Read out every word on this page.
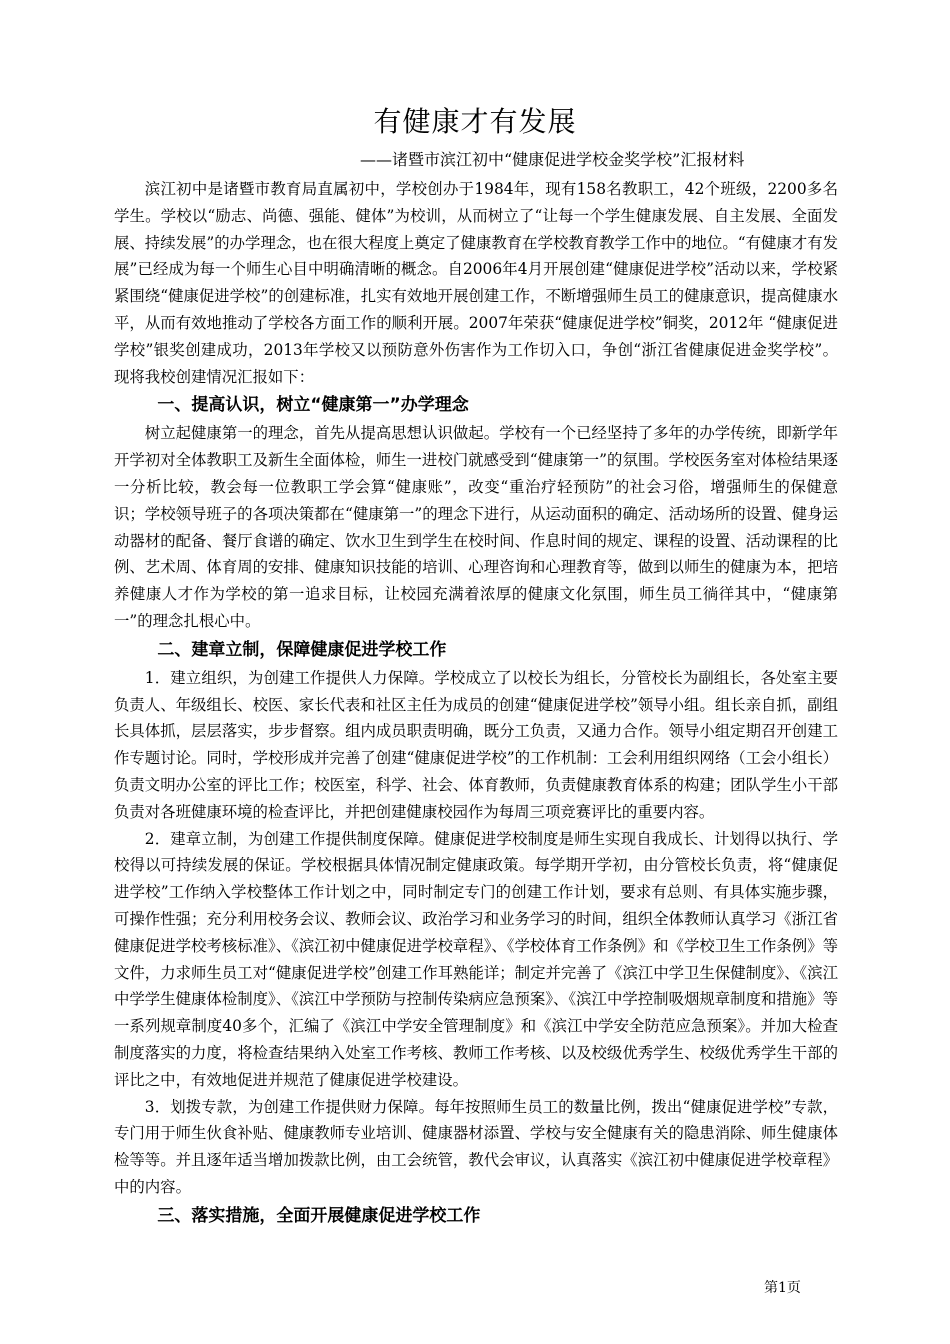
有健康才有发展
——诸暨市滨江初中“健康促进学校金奖学校”汇报材料

滨江初中是诸暨市教育局直属初中，学校创办于1984年，现有158名教职工，42个班级，2200多名学生。学校以“励志、尚德、强能、健体”为校训，从而树立了“让每一个学生健康发展、自主发展、全面发展、持续发展”的办学理念，也在很大程度上奠定了健康教育在学校教育教学工作中的地位。“有健康才有发展”已经成为每一个师生心目中明确清晰的概念。自2006年4月开展创建“健康促进学校”活动以来，学校紧紧围绕“健康促进学校”的创建标准，扎实有效地开展创建工作，不断增强师生员工的健康意识，提高健康水平，从而有效地推动了学校各方面工作的顺利开展。2007年荣获“健康促进学校”铜奖，2012年 “健康促进学校”银奖创建成功，2013年学校又以预防意外伤害作为工作切入口，争创“浙江省健康促进金奖学校”。现将我校创建情况汇报如下：

一、提高认识，树立“健康第一”办学理念

树立起健康第一的理念，首先从提高思想认识做起。学校有一个已经坚持了多年的办学传统，即新学年开学初对全体教职工及新生全面体检，师生一进校门就感受到“健康第一”的氛围。学校医务室对体检结果逐一分析比较，教会每一位教职工学会算“健康账”，改变“重治疗轻预防”的社会习俗，增强师生的保健意识；学校领导班子的各项决策都在“健康第一”的理念下进行，从运动面积的确定、活动场所的设置、健身运动器材的配备、餐厅食谱的确定、饮水卫生到学生在校时间、作息时间的规定、课程的设置、活动课程的比例、艺术周、体育周的安排、健康知识技能的培训、心理咨询和心理教育等，做到以师生的健康为本，把培养健康人才作为学校的第一追求目标，让校园充满着浓厚的健康文化氛围，师生员工徜徉其中，“健康第一”的理念扎根心中。

二、建章立制，保障健康促进学校工作

1．建立组织，为创建工作提供人力保障。学校成立了以校长为组长，分管校长为副组长，各处室主要负责人、年级组长、校医、家长代表和社区主任为成员的创建“健康促进学校”领导小组。组长亲自抓，副组长具体抓，层层落实，步步督察。组内成员职责明确，既分工负责，又通力合作。领导小组定期召开创建工作专题讨论。同时，学校形成并完善了创建“健康促进学校”的工作机制：工会利用组织网络（工会小组长）负责文明办公室的评比工作；校医室，科学、社会、体育教师，负责健康教育体系的构建；团队学生小干部负责对各班健康环境的检查评比，并把创建健康校园作为每周三项竞赛评比的重要内容。

2．建章立制，为创建工作提供制度保障。健康促进学校制度是师生实现自我成长、计划得以执行、学校得以可持续发展的保证。学校根据具体情况制定健康政策。每学期开学初，由分管校长负责，将“健康促进学校”工作纳入学校整体工作计划之中，同时制定专门的创建工作计划，要求有总则、有具体实施步骤，可操作性强；充分利用校务会议、教师会议、政治学习和业务学习的时间，组织全体教师认真学习《浙江省健康促进学校考核标准》、《滨江初中健康促进学校章程》、《学校体育工作条例》和《学校卫生工作条例》等文件，力求师生员工对“健康促进学校”创建工作耳熟能详；制定并完善了《滨江中学卫生保健制度》、《滨江中学学生健康体检制度》、《滨江中学预防与控制传染病应急预案》、《滨江中学控制吸烟规章制度和措施》等一系列规章制度40多个，汇编了《滨江中学安全管理制度》和《滨江中学安全防范应急预案》。并加大检查制度落实的力度，将检查结果纳入处室工作考核、教师工作考核、以及校级优秀学生、校级优秀学生干部的评比之中，有效地促进并规范了健康促进学校建设。

3．划拨专款，为创建工作提供财力保障。每年按照师生员工的数量比例，拨出“健康促进学校”专款，专门用于师生伙食补贴、健康教师专业培训、健康器材添置、学校与安全健康有关的隐患消除、师生健康体检等等。并且逐年适当增加拨款比例，由工会统管，教代会审议，认真落实《滨江初中健康促进学校章程》中的内容。

三、落实措施，全面开展健康促进学校工作
第1页
